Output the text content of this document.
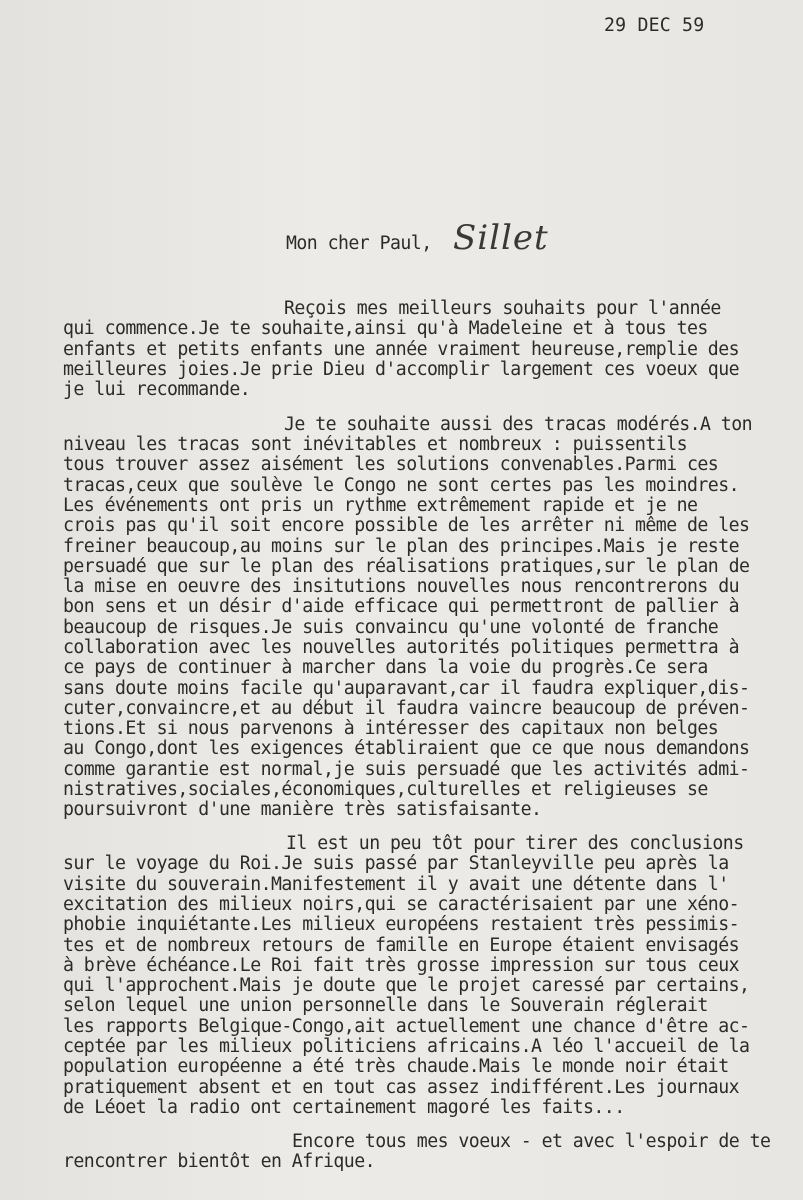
29 DEC 59
Mon cher Paul, Sillet
Reçois mes meilleurs souhaits pour l'année
qui commence.Je te souhaite,ainsi qu'à Madeleine et à tous tes
enfants et petits enfants une année vraiment heureuse,remplie des
meilleures joies.Je prie Dieu d'accomplir largement ces voeux que
je lui recommande.
Je te souhaite aussi des tracas modérés.A ton
niveau les tracas sont inévitables et nombreux : puissentils
tous trouver assez aisément les solutions convenables.Parmi ces
tracas,ceux que soulève le Congo ne sont certes pas les moindres.
Les événements ont pris un rythme extrêmement rapide et je ne
crois pas qu'il soit encore possible de les arrêter ni même de les
freiner beaucoup,au moins sur le plan des principes.Mais je reste
persuadé que sur le plan des réalisations pratiques,sur le plan de
la mise en oeuvre des insitutions nouvelles nous rencontrerons du
bon sens et un désir d'aide efficace qui permettront de pallier à
beaucoup de risques.Je suis convaincu qu'une volonté de franche
collaboration avec les nouvelles autorités politiques permettra à
ce pays de continuer à marcher dans la voie du progrès.Ce sera
sans doute moins facile qu'auparavant,car il faudra expliquer,dis-
cuter,convaincre,et au début il faudra vaincre beaucoup de préven-
tions.Et si nous parvenons à intéresser des capitaux non belges
au Congo,dont les exigences établiraient que ce que nous demandons
comme garantie est normal,je suis persuadé que les activités admi-
nistratives,sociales,économiques,culturelles et religieuses se
poursuivront d'une manière très satisfaisante.
Il est un peu tôt pour tirer des conclusions
sur le voyage du Roi.Je suis passé par Stanleyville peu après la
visite du souverain.Manifestement il y avait une détente dans l'
excitation des milieux noirs,qui se caractérisaient par une xéno-
phobie inquiétante.Les milieux européens restaient très pessimis-
tes et de nombreux retours de famille en Europe étaient envisagés
à brève échéance.Le Roi fait très grosse impression sur tous ceux
qui l'approchent.Mais je doute que le projet caressé par certains,
selon lequel une union personnelle dans le Souverain réglerait
les rapports Belgique-Congo,ait actuellement une chance d'être ac-
ceptée par les milieux politiciens africains.A léo l'accueil de la
population européenne a été très chaude.Mais le monde noir était
pratiquement absent et en tout cas assez indifférent.Les journaux
de Léoet la radio ont certainement magoré les faits...
Encore tous mes voeux - et avec l'espoir de te
rencontrer bientôt en Afrique.
